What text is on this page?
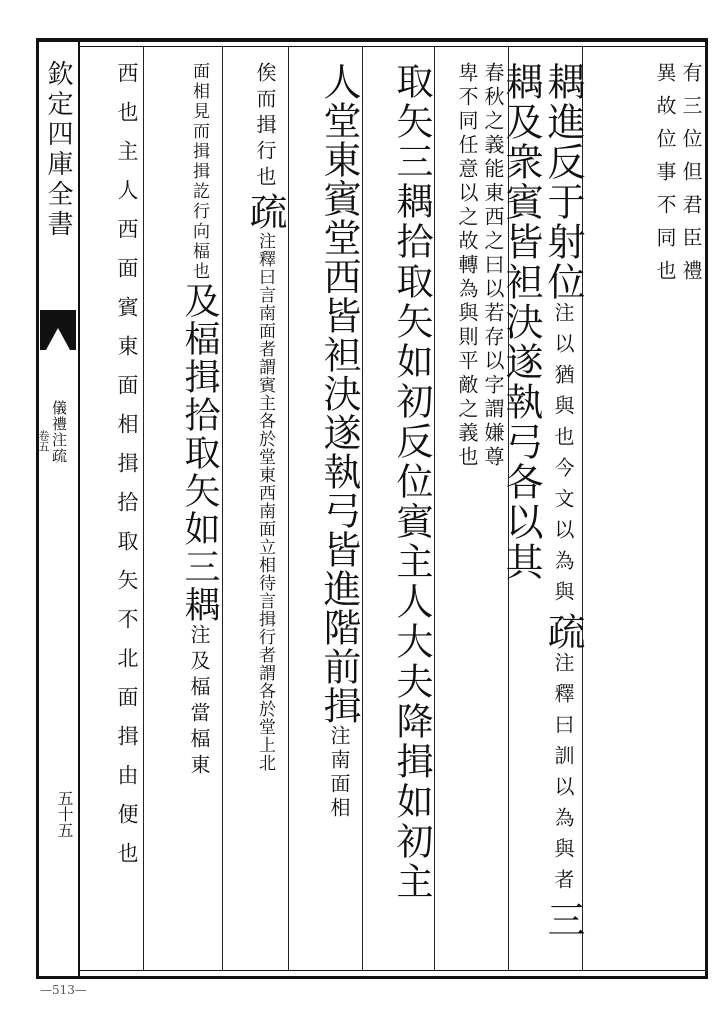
欽定四庫全書
儀禮注疏
卷五
五十五
有三位但君臣禮
異故位事不同也
耦進反于射位注以猶與也今文以為與疏注釋曰訓以為與者三耦及衆賓皆袒決遂執弓各以其
春秋之義能東西之曰以若存以字謂嫌尊
卑不同任意以之故轉為與則平敵之義也
取矢三耦拾取矢如初反位賓主人大夫降揖如初主
人堂東賓堂西皆袒決遂執弓皆進階前揖注南面相
俟而揖行也疏注釋曰言南面者謂賓主各於堂東西南面立相待言揖行者謂各於堂上北
面相見而揖揖訖行向楅也及楅揖拾取矢如三耦注及楅當楅東
西也主人西面賓東面相揖拾取矢不北面揖由便也
—513—
